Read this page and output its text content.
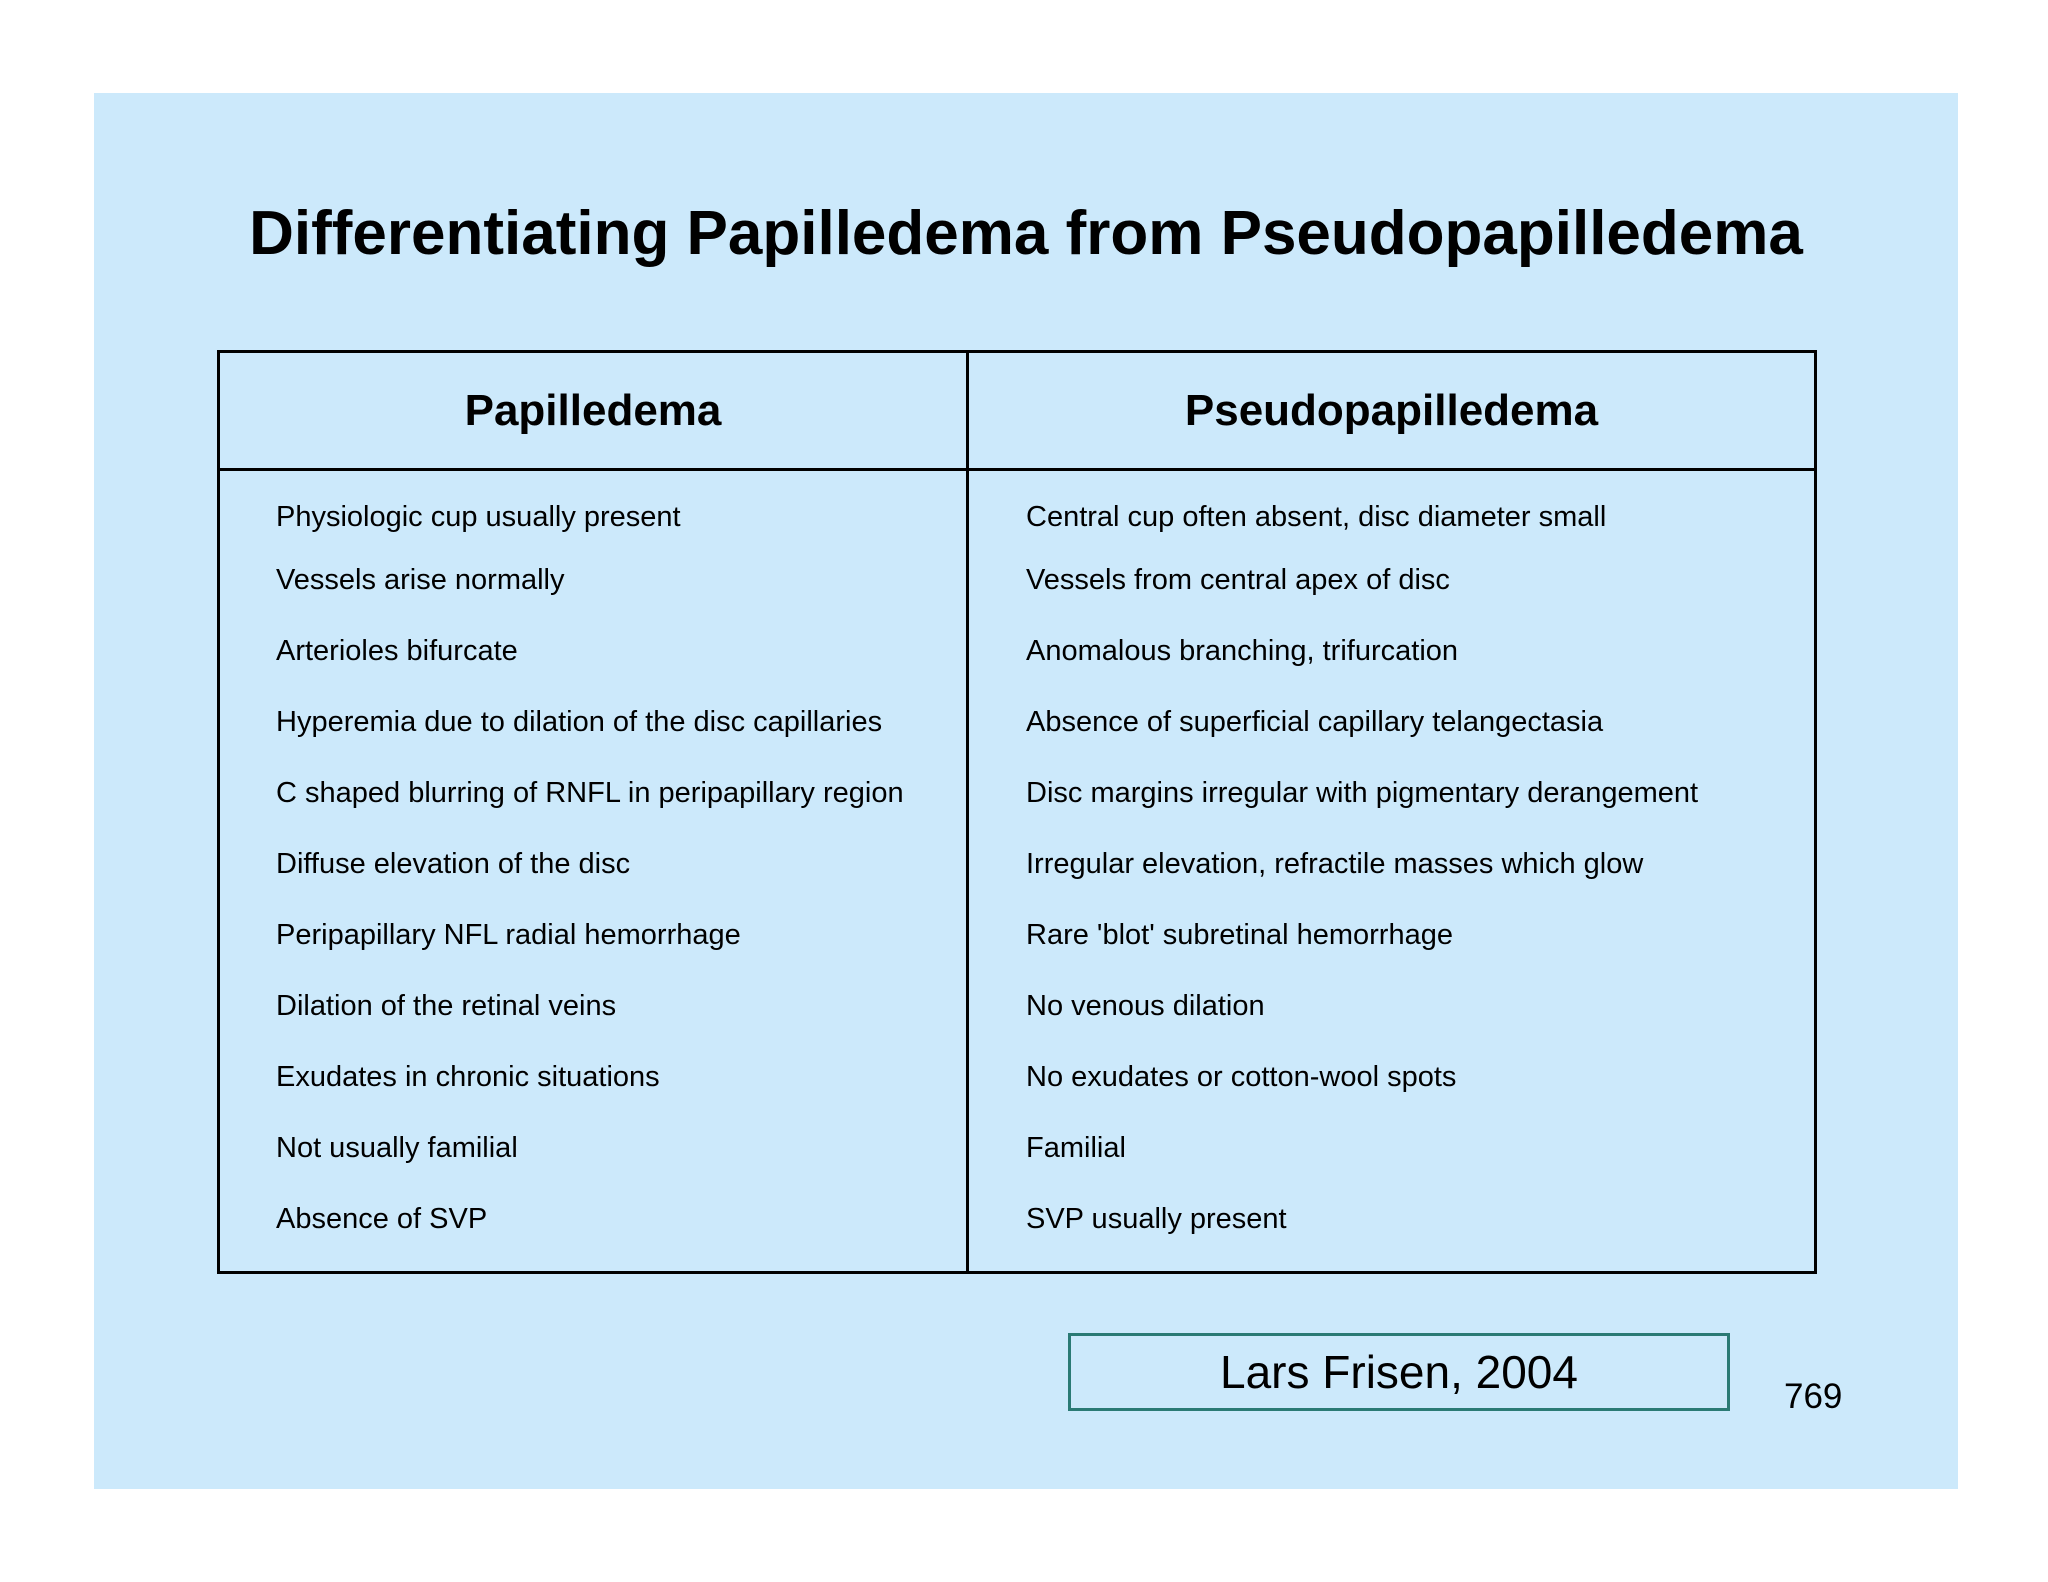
Differentiating Papilledema from Pseudopapilledema
Papilledema	Pseudopapilledema
Physiologic cup usually present	Central cup often absent, disc diameter small
Vessels arise normally	Vessels from central apex of disc
Arterioles bifurcate	Anomalous branching, trifurcation
Hyperemia due to dilation of the disc capillaries	Absence of superficial capillary telangectasia
C shaped blurring of RNFL in peripapillary region	Disc margins irregular with pigmentary derangement
Diffuse elevation of the disc	Irregular elevation, refractile masses which glow
Peripapillary NFL radial hemorrhage	Rare 'blot' subretinal hemorrhage
Dilation of the retinal veins	No venous dilation
Exudates in chronic situations	No exudates or cotton-wool spots
Not usually familial	Familial
Absence of SVP	SVP usually present
Lars Frisen, 2004	769
